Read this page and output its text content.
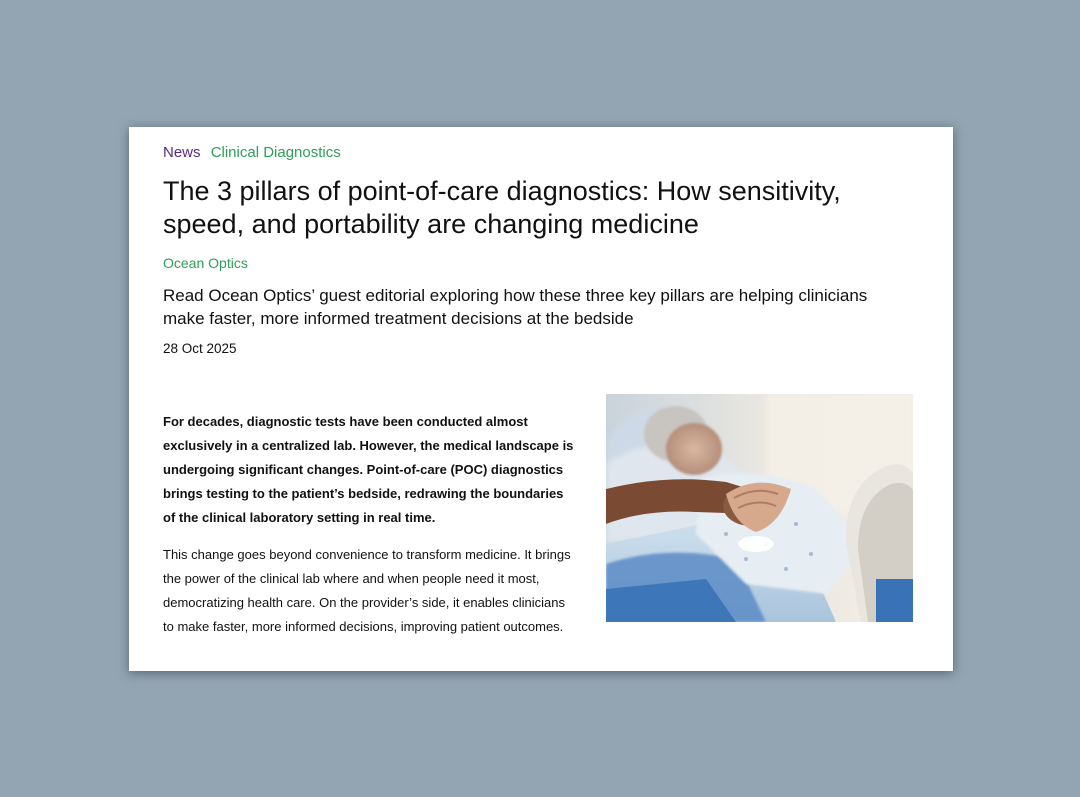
News Clinical Diagnostics
The 3 pillars of point-of-care diagnostics: How sensitivity, speed, and portability are changing medicine
Ocean Optics

Read Ocean Optics’ guest editorial exploring how these three key pillars are helping clinicians make faster, more informed treatment decisions at the bedside

28 Oct 2025

For decades, diagnostic tests have been conducted almost exclusively in a centralized lab. However, the medical landscape is undergoing significant changes. Point-of-care (POC) diagnostics brings testing to the patient’s bedside, redrawing the boundaries of the clinical laboratory setting in real time.

This change goes beyond convenience to transform medicine. It brings the power of the clinical lab where and when people need it most, democratizing health care. On the provider’s side, it enables clinicians to make faster, more informed decisions, improving patient outcomes.
